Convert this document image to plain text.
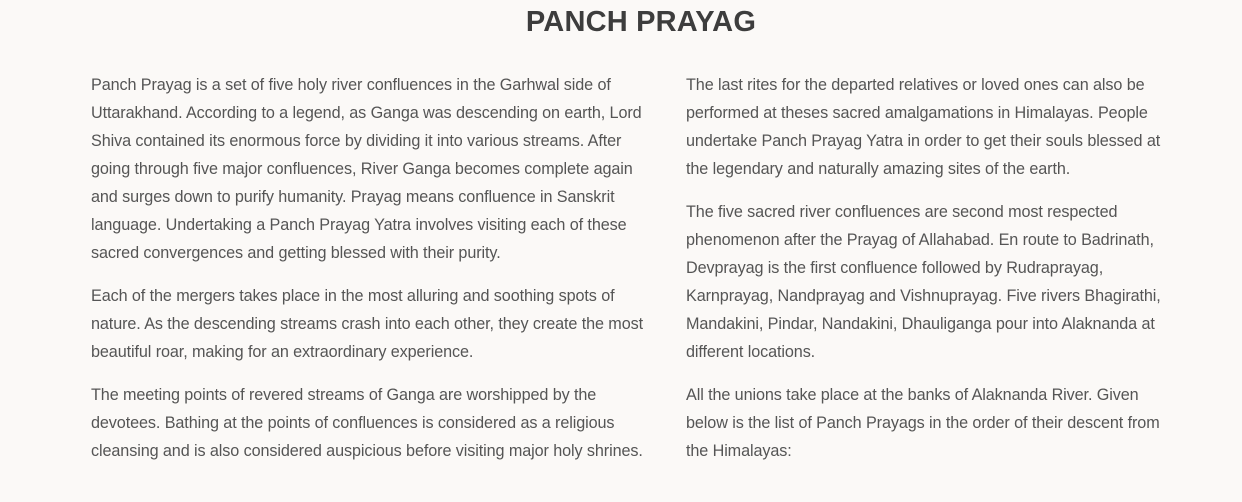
PANCH PRAYAG

Panch Prayag is a set of five holy river confluences in the Garhwal side of Uttarakhand. According to a legend, as Ganga was descending on earth, Lord Shiva contained its enormous force by dividing it into various streams. After going through five major confluences, River Ganga becomes complete again and surges down to purify humanity. Prayag means confluence in Sanskrit language. Undertaking a Panch Prayag Yatra involves visiting each of these sacred convergences and getting blessed with their purity.

Each of the mergers takes place in the most alluring and soothing spots of nature. As the descending streams crash into each other, they create the most beautiful roar, making for an extraordinary experience.

The meeting points of revered streams of Ganga are worshipped by the devotees. Bathing at the points of confluences is considered as a religious cleansing and is also considered auspicious before visiting major holy shrines.

The last rites for the departed relatives or loved ones can also be performed at theses sacred amalgamations in Himalayas. People undertake Panch Prayag Yatra in order to get their souls blessed at the legendary and naturally amazing sites of the earth.

The five sacred river confluences are second most respected phenomenon after the Prayag of Allahabad. En route to Badrinath, Devprayag is the first confluence followed by Rudraprayag, Karnprayag, Nandprayag and Vishnuprayag. Five rivers Bhagirathi, Mandakini, Pindar, Nandakini, Dhauliganga pour into Alaknanda at different locations.

All the unions take place at the banks of Alaknanda River. Given below is the list of Panch Prayags in the order of their descent from the Himalayas:
